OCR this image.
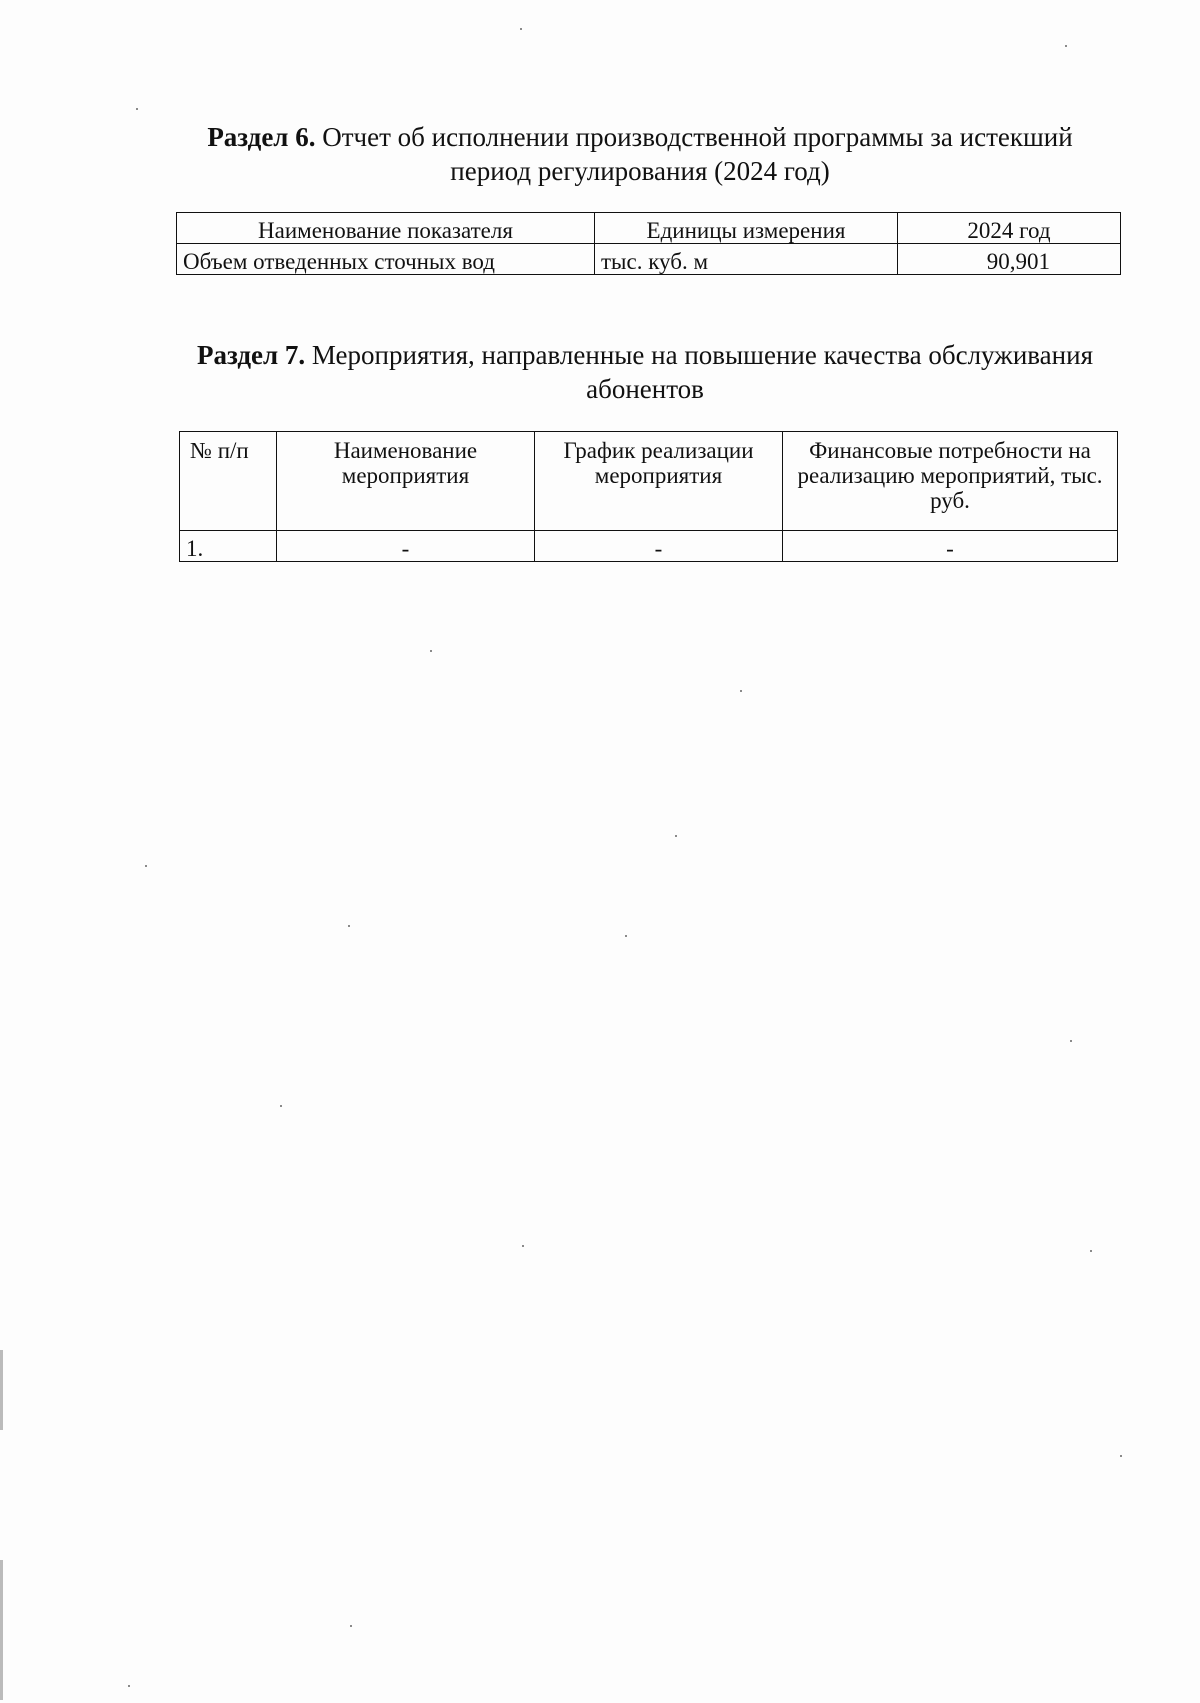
Раздел 6. Отчет об исполнении производственной программы за истекший период регулирования (2024 год)
Наименование показателя	Единицы измерения	2024 год
Объем отведенных сточных вод	тыс. куб. м	90,901
Раздел 7. Мероприятия, направленные на повышение качества обслуживания абонентов
№ п/п	Наименование мероприятия	График реализации мероприятия	Финансовые потребности на реализацию мероприятий, тыс. руб.
1.	-	-	-
